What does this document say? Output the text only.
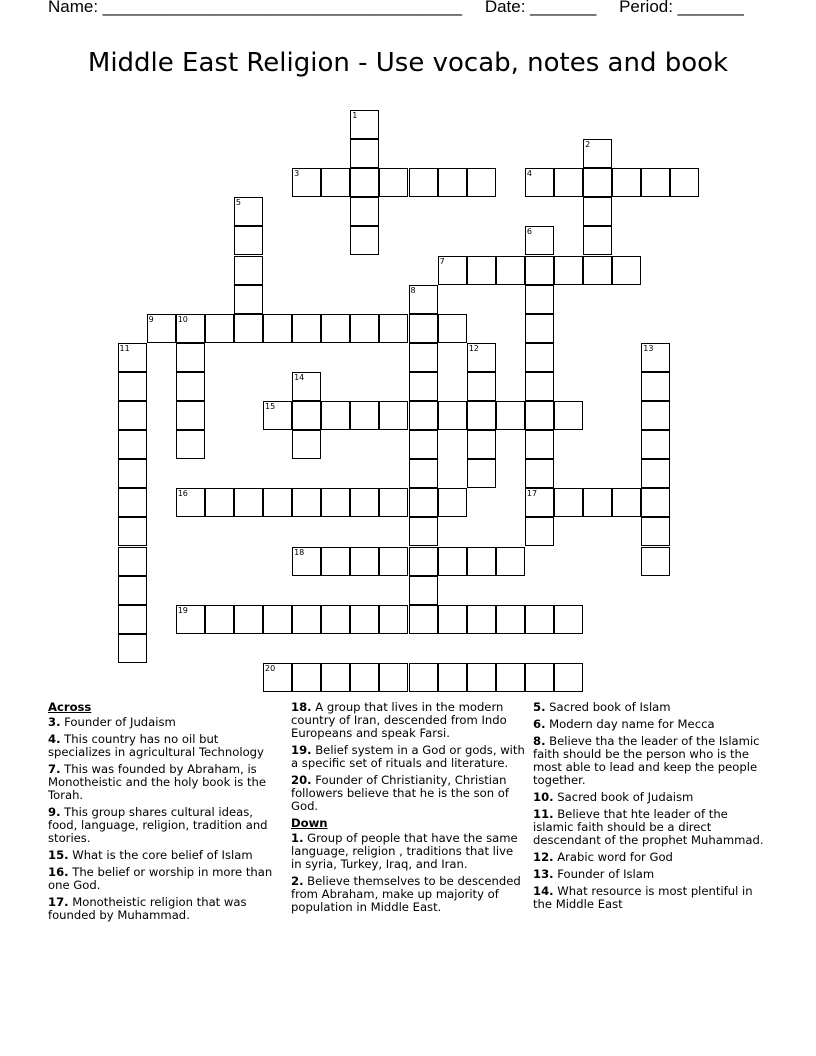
Name: ______________________________________ Date: _______ Period: _______
Middle East Religion - Use vocab, notes and book
1
2
3	4
5
6
17
7
8
9	10
11	12	13
14
15
16
18
19
20
Across
3. Founder of Judaism
4. This country has no oil but specializes in agricultural Technology
7. This was founded by Abraham, is Monotheistic and the holy book is the Torah.
9. This group shares cultural ideas, food, language, religion, tradition and stories.
15. What is the core belief of Islam
16. The belief or worship in more than one God.
17. Monotheistic religion that was founded by Muhammad.
18. A group that lives in the modern country of Iran, descended from Indo Europeans and speak Farsi.
19. Belief system in a God or gods, with a specific set of rituals and literature.
20. Founder of Christianity, Christian followers believe that he is the son of God.
Down
1. Group of people that have the same language, religion , traditions that live in syria, Turkey, Iraq, and Iran.
2. Believe themselves to be descended from Abraham, make up majority of population in Middle East.
5. Sacred book of Islam
6. Modern day name for Mecca
8. Believe tha the leader of the Islamic faith should be the person who is the most able to lead and keep the people together.
10. Sacred book of Judaism
11. Believe that hte leader of the islamic faith should be a direct descendant of the prophet Muhammad.
12. Arabic word for God
13. Founder of Islam
14. What resource is most plentiful in the Middle East
